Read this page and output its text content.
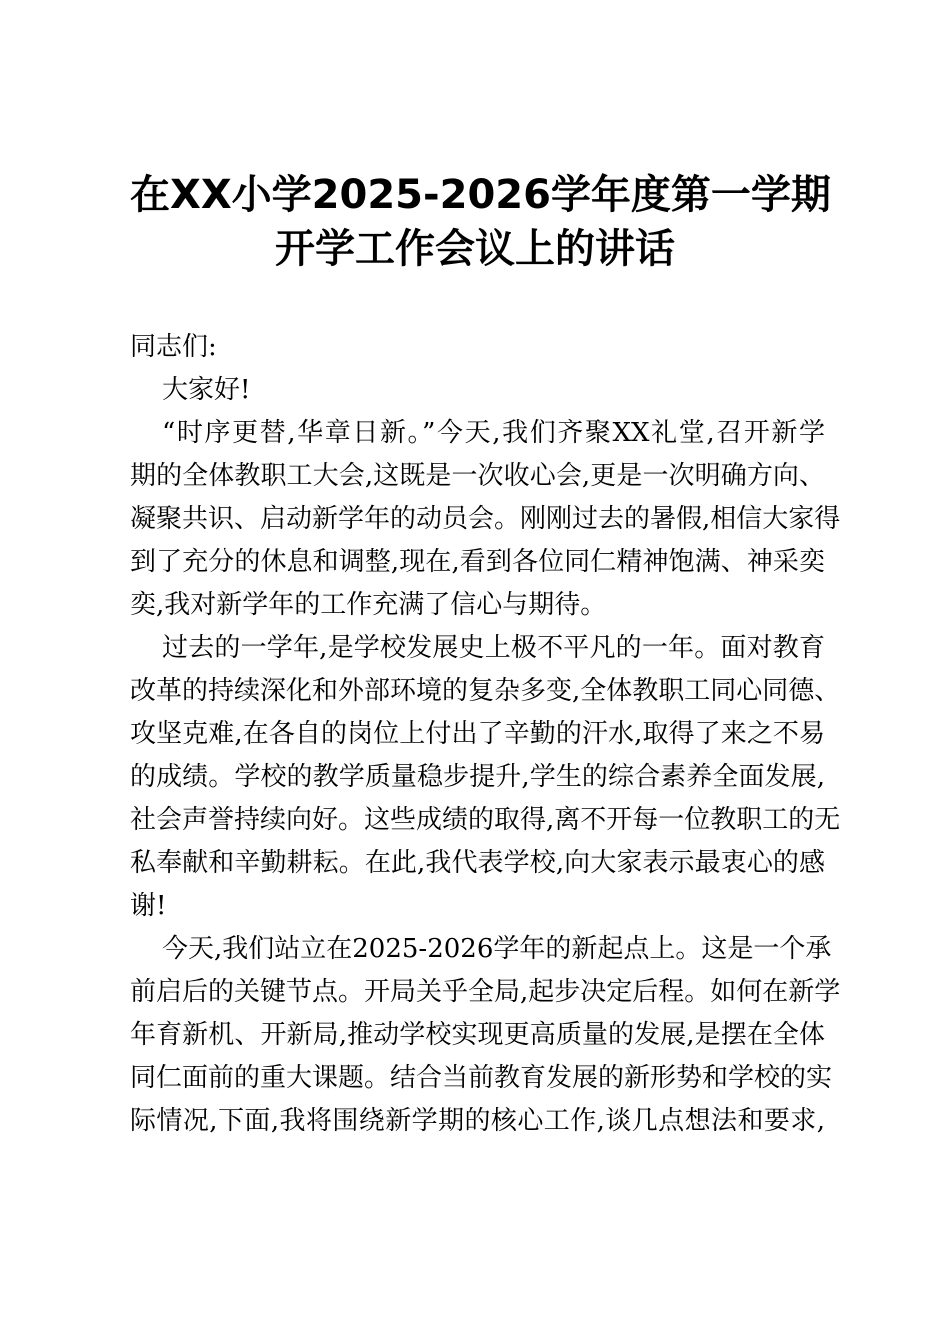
在XX小学2025-2026学年度第一学期
开学工作会议上的讲话
同志们:
大家好!
“时序更替,华章日新。”今天,我们齐聚XX礼堂,召开新学
期的全体教职工大会,这既是一次收心会,更是一次明确方向、
凝聚共识、启动新学年的动员会。刚刚过去的暑假,相信大家得
到了充分的休息和调整,现在,看到各位同仁精神饱满、神采奕
奕,我对新学年的工作充满了信心与期待。
过去的一学年,是学校发展史上极不平凡的一年。面对教育
改革的持续深化和外部环境的复杂多变,全体教职工同心同德、
攻坚克难,在各自的岗位上付出了辛勤的汗水,取得了来之不易
的成绩。学校的教学质量稳步提升,学生的综合素养全面发展,
社会声誉持续向好。这些成绩的取得,离不开每一位教职工的无
私奉献和辛勤耕耘。在此,我代表学校,向大家表示最衷心的感
谢!
今天,我们站立在2025-2026学年的新起点上。这是一个承
前启后的关键节点。开局关乎全局,起步决定后程。如何在新学
年育新机、开新局,推动学校实现更高质量的发展,是摆在全体
同仁面前的重大课题。结合当前教育发展的新形势和学校的实
际情况,下面,我将围绕新学期的核心工作,谈几点想法和要求,
